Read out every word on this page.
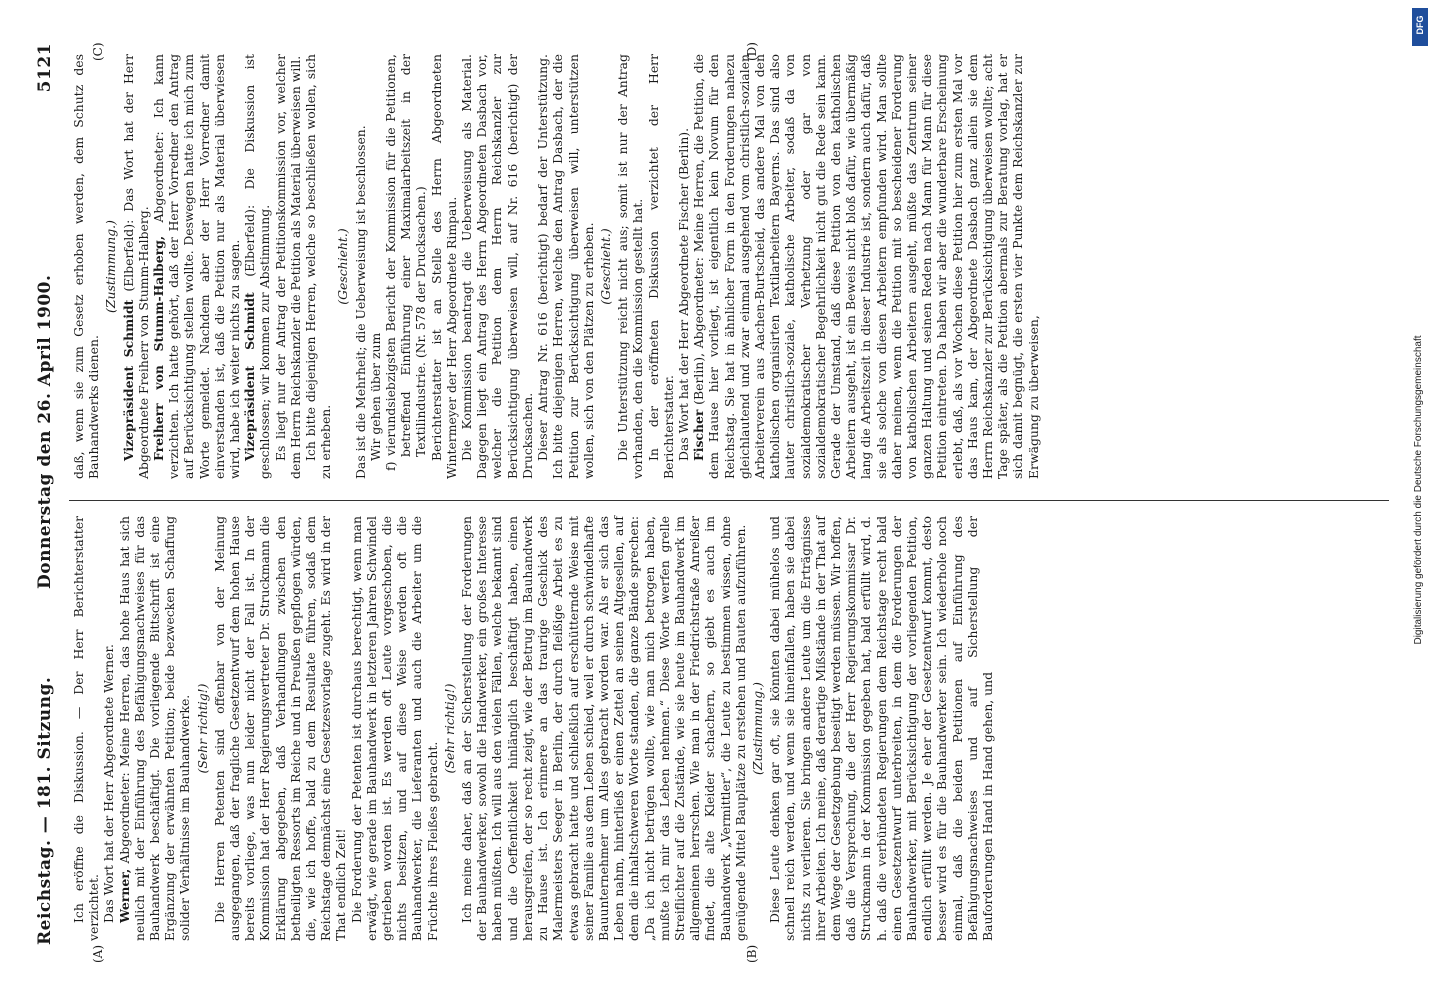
Reichstag. — 181. Sitzung.
Donnerstag den 26. April 1900.
5121
(A)	(B)
(C)	(D)

Ich eröffne die Diskussion. — Der Herr Berichterstatter verzichtet. Das Wort hat der Herr Abgeordnete Werner. Werner, Abgeordneter: Meine Herren, das hohe Haus hat sich neulich mit der Einführung des Befähigungsnachweises für das Bauhandwerk beschäftigt. Die vorliegende Bittschrift ist eine Ergänzung der erwähnten Petition; beide bezwecken Schaffung solider Verhältnisse im Bauhandwerke. (Sehr richtig!) Die Herren Petenten sind offenbar von der Meinung ausgegangen, daß der fragliche Gesetzentwurf dem hohen Hause bereits vorliege, was nun leider nicht der Fall ist. In der Kommission hat der Herr Regierungsvertreter Dr. Struckmann die Erklärung abgegeben, daß Verhandlungen zwischen den betheiligten Ressorts im Reiche und in Preußen gepflogen würden, die, wie ich hoffe, bald zu dem Resultate führen, sodaß dem Reichstage demnächst eine Gesetzesvorlage zugeht. Es wird in der That endlich Zeit! Die Forderung der Petenten ist durchaus berechtigt, wenn man erwägt, wie gerade im Bauhandwerk in letzteren Jahren Schwindel getrieben worden ist. Es werden oft Leute vorgeschoben, die nichts besitzen, und auf diese Weise werden oft die Bauhandwerker, die Lieferanten und auch die Arbeiter um die Früchte ihres Fleißes gebracht.

(Sehr richtig!) Ich meine daher, daß an der Sicherstellung der Forderungen der Bauhandwerker, sowohl die Handwerker, ein großes Interesse haben müßten. Ich will aus den vielen Fällen, welche bekannt sind und die Oeffentlichkeit hinlänglich beschäftigt haben, einen herausgreifen, der so recht zeigt, wie der Betrug im Bauhandwerk zu Hause ist. Ich erinnere an das traurige Geschick des Malermeisters Seeger in Berlin, der durch fleißige Arbeit es zu etwas gebracht hatte und schließlich auf erschütternde Weise mit seiner Familie aus dem Leben schied, weil er durch schwindelhafte Bauunternehmer um Alles gebracht worden war. Als er sich das Leben nahm, hinterließ er einen Zettel an seinen Altgesellen, auf dem die inhaltschweren Worte standen, die ganze Bände sprechen: „Da ich nicht betrügen wollte, wie man mich betrogen haben, mußte ich mir das Leben nehmen.“ Diese Worte werfen grelle Streiflichter auf die Zustände, wie sie heute im Bauhandwerk im allgemeinen herrschen. Wie man in der Friedrichstraße Anreißer findet, die alte Kleider schachern, so giebt es auch im Bauhandwerk „Vermittler“, die Leute zu bestimmen wissen, ohne genügende Mittel Bauplätze zu erstehen und Bauten aufzuführen. (Zustimmung.) Diese Leute denken gar oft, sie könnten dabei mühelos und schnell reich werden, und wenn sie hineinfallen, haben sie dabei nichts zu verlieren. Sie bringen andere Leute um die Erträgnisse ihrer Arbeiten. Ich meine, daß derartige Mißstände in der That auf dem Wege der Gesetzgebung beseitigt werden müssen. Wir hoffen, daß die Versprechung, die der Herr Regierungskommissar Dr. Struckmann in der Kommission gegeben hat, bald erfüllt wird, d. h. daß die verbündeten Regierungen dem Reichstage recht bald einen Gesetzentwurf unterbreiten, in dem die Forderungen der Bauhandwerker, mit Berücksichtigung der vorliegenden Petition, endlich erfüllt werden. Je eher der Gesetzentwurf kommt, desto besser wird es für die Bauhandwerker sein. Ich wiederhole noch einmal, daß die beiden Petitionen auf Einführung des Befähigungsnachweises und auf Sicherstellung der Bauforderungen Hand in Hand gehen, und

daß, wenn sie zum Gesetz erhoben werden, dem Schutz des Bauhandwerks dienen.

(Zustimmung.)

Vizepräsident Schmidt (Elberfeld): Das Wort hat der Herr Abgeordnete Freiherr von Stumm-Halberg. Freiherr von Stumm-Halberg, Abgeordneter: Ich kann verzichten. Ich hatte gehört, daß der Herr Vorredner den Antrag auf Berücksichtigung stellen wollte. Deswegen hatte ich mich zum Worte gemeldet. Nachdem aber der Herr Vorredner damit einverstanden ist, daß die Petition nur als Material überwiesen wird, habe ich weiter nichts zu sagen. Vizepräsident Schmidt (Elberfeld): Die Diskussion ist geschlossen; wir kommen zur Abstimmung. Es liegt nur der Antrag der Petitionskommission vor, welcher dem Herrn Reichskanzler die Petition als Material überweisen will. Ich bitte diejenigen Herren, welche so beschließen wollen, sich zu erheben.

(Geschieht.) Das ist die Mehrheit; die Ueberweisung ist beschlossen. Wir gehen über zum f) vierundsiebzigsten Bericht der Kommission für die Petitionen, betreffend Einführung einer Maximalarbeitszeit in der Textilindustrie. (Nr. 578 der Drucksachen.) Berichterstatter ist an Stelle des Herrn Abgeordneten Wintermeyer der Herr Abgeordnete Rimpau. Die Kommission beantragt die Ueberweisung als Material. Dagegen liegt ein Antrag des Herrn Abgeordneten Dasbach vor, welcher die Petition dem Herrn Reichskanzler zur Berücksichtigung überweisen will, auf Nr. 616 (berichtigt) der Drucksachen. Dieser Antrag Nr. 616 (berichtigt) bedarf der Unterstützung. Ich bitte diejenigen Herren, welche den Antrag Dasbach, der die Petition zur Berücksichtigung überweisen will, unterstützen wollen, sich von den Plätzen zu erheben. (Geschieht.) Die Unterstützung reicht nicht aus; somit ist nur der Antrag vorhanden, den die Kommission gestellt hat. In der eröffneten Diskussion verzichtet der Herr Berichterstatter. Das Wort hat der Herr Abgeordnete Fischer (Berlin). Fischer (Berlin), Abgeordneter: Meine Herren, die Petition, die dem Hause hier vorliegt, ist eigentlich kein Novum für den Reichstag. Sie hat in ähnlicher Form in den Forderungen nahezu gleichlautend und zwar einmal ausgehend vom christlich-sozialen Arbeiterverein aus Aachen-Burtscheid, das andere Mal von den katholischen organisirten Textilarbeitern Bayerns. Das sind also lauter christlich-soziale, katholische Arbeiter, sodaß da von sozialdemokratischer Verhetzung oder gar von sozialdemokratischer Begehrlichkeit nicht gut die Rede sein kann. Gerade der Umstand, daß diese Petition von den katholischen Arbeitern ausgeht, ist ein Beweis nicht bloß dafür, wie übermäßig lang die Arbeitszeit in dieser Industrie ist, sondern auch dafür, daß sie als solche von diesen Arbeitern empfunden wird. Man sollte daher meinen, wenn die Petition mit so bescheidener Forderung von katholischen Arbeitern ausgeht, müßte das Zentrum seiner ganzen Haltung und seinen Reden nach Mann für Mann für diese Petition eintreten. Da haben wir aber die wunderbare Erscheinung erlebt, daß, als vor Wochen diese Petition hier zum ersten Mal vor das Haus kam, der Abgeordnete Dasbach ganz allein sie dem Herrn Reichskanzler zur Berücksichtigung überweisen wollte; acht Tage später, als die Petition abermals zur Beratung vorlag, hat er sich damit begnügt, die ersten vier Punkte dem Reichskanzler zur Erwägung zu überweisen,	Digitalisierung gefördert durch die Deutsche Forschungsgemeinschaft
DFG
